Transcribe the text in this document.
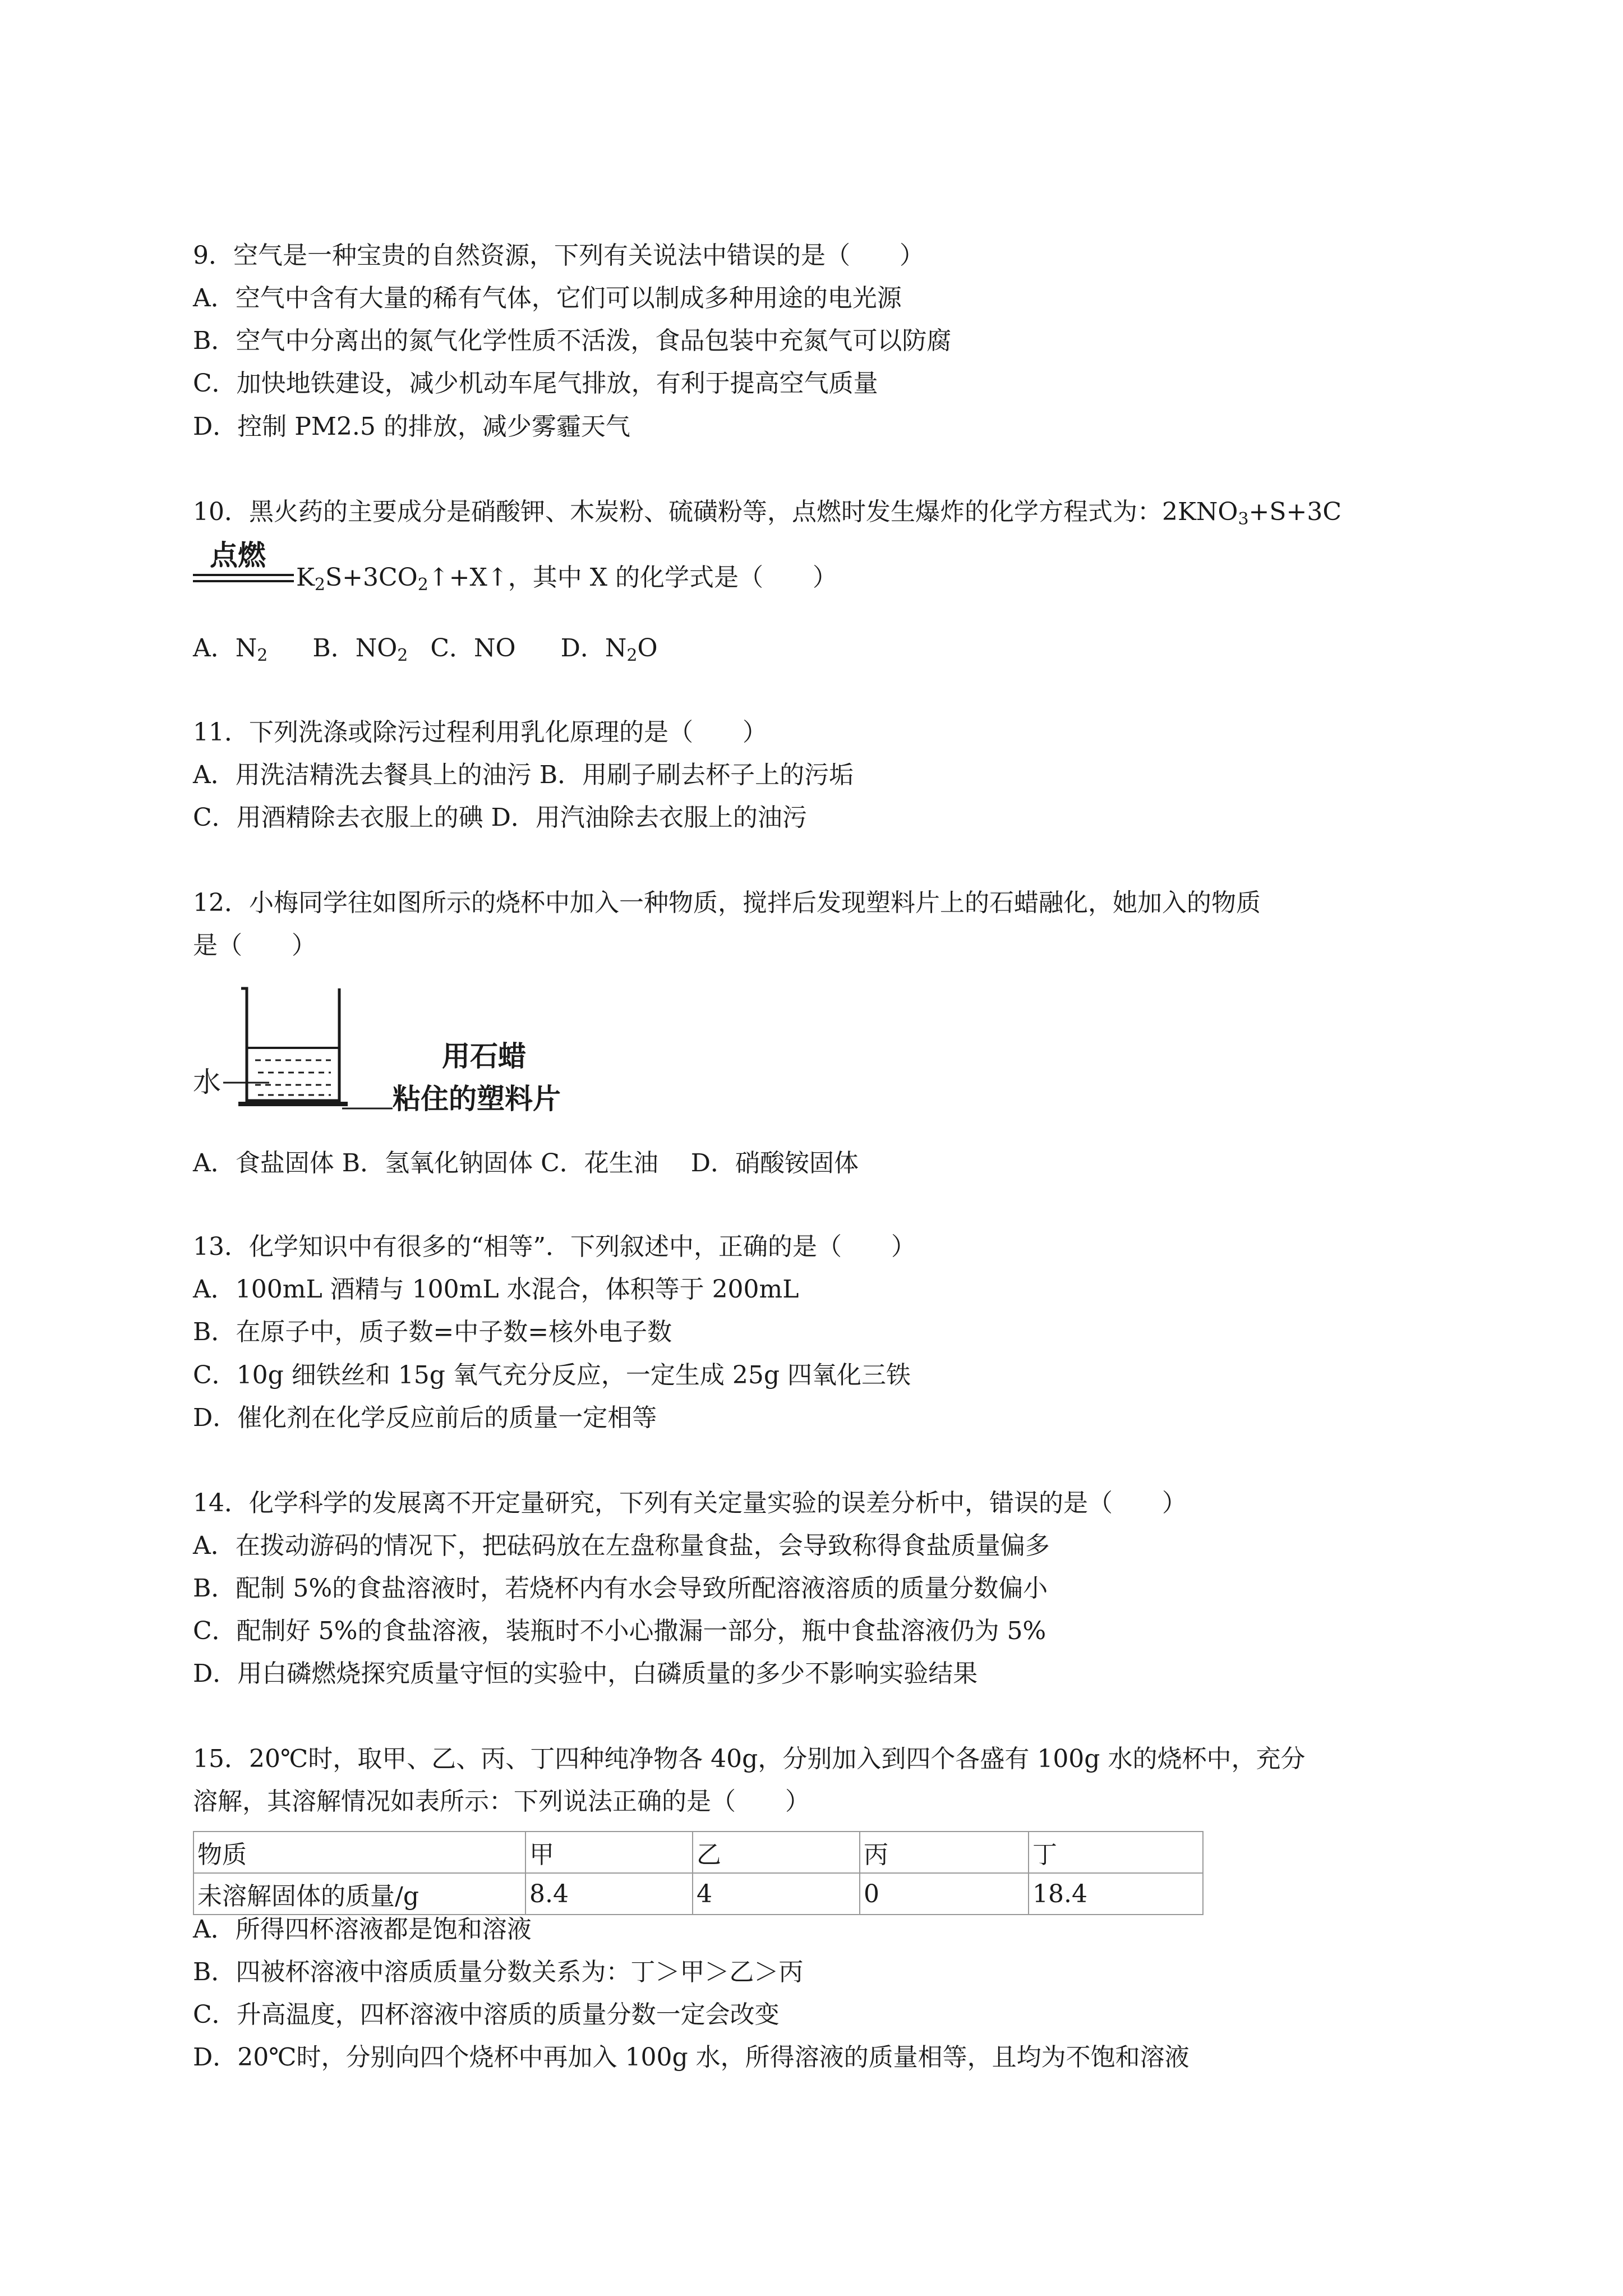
9．空气是一种宝贵的自然资源，下列有关说法中错误的是（　　）
A．空气中含有大量的稀有气体，它们可以制成多种用途的电光源
B．空气中分离出的氮气化学性质不活泼，食品包装中充氮气可以防腐
C．加快地铁建设，减少机动车尾气排放，有利于提高空气质量
D．控制 PM2.5 的排放，减少雾霾天气
10．黑火药的主要成分是硝酸钾、木炭粉、硫磺粉等，点燃时发生爆炸的化学方程式为：$2KNO_3+S+3C$
点燃
$K_2S+3CO_2↑+X↑$，其中 X 的化学式是（　　）
A．$N_2$ B．$NO_2$ C．NO D．$N_2O$
11．下列洗涤或除污过程利用乳化原理的是（　　）
A．用洗洁精洗去餐具上的油污 B．用刷子刷去杯子上的污垢
C．用酒精除去衣服上的碘 D．用汽油除去衣服上的油污
12．小梅同学往如图所示的烧杯中加入一种物质，搅拌后发现塑料片上的石蜡融化，她加入的物质
是（　　）
水
用石蜡
粘住的塑料片
A．食盐固体 B．氢氧化钠固体 C．花生油　 D．硝酸铵固体
13．化学知识中有很多的“相等”．下列叙述中，正确的是（　　）
A．100mL 酒精与 100mL 水混合，体积等于 200mL
B．在原子中，质子数=中子数=核外电子数
C．10g 细铁丝和 15g 氧气充分反应，一定生成 25g 四氧化三铁
D．催化剂在化学反应前后的质量一定相等
14．化学科学的发展离不开定量研究，下列有关定量实验的误差分析中，错误的是（　　）
A．在拨动游码的情况下，把砝码放在左盘称量食盐，会导致称得食盐质量偏多
B．配制 5%的食盐溶液时，若烧杯内有水会导致所配溶液溶质的质量分数偏小
C．配制好 5%的食盐溶液，装瓶时不小心撒漏一部分，瓶中食盐溶液仍为 5%
D．用白磷燃烧探究质量守恒的实验中，白磷质量的多少不影响实验结果
15．20℃时，取甲、乙、丙、丁四种纯净物各 40g，分别加入到四个各盛有 100g 水的烧杯中，充分
溶解，其溶解情况如表所示：下列说法正确的是（　　）
物质	甲	乙	丙	丁
未溶解固体的质量/g	8.4	4	0	18.4
A．所得四杯溶液都是饱和溶液
B．四被杯溶液中溶质质量分数关系为：丁＞甲＞乙＞丙
C．升高温度，四杯溶液中溶质的质量分数一定会改变
D．20℃时，分别向四个烧杯中再加入 100g 水，所得溶液的质量相等，且均为不饱和溶液
